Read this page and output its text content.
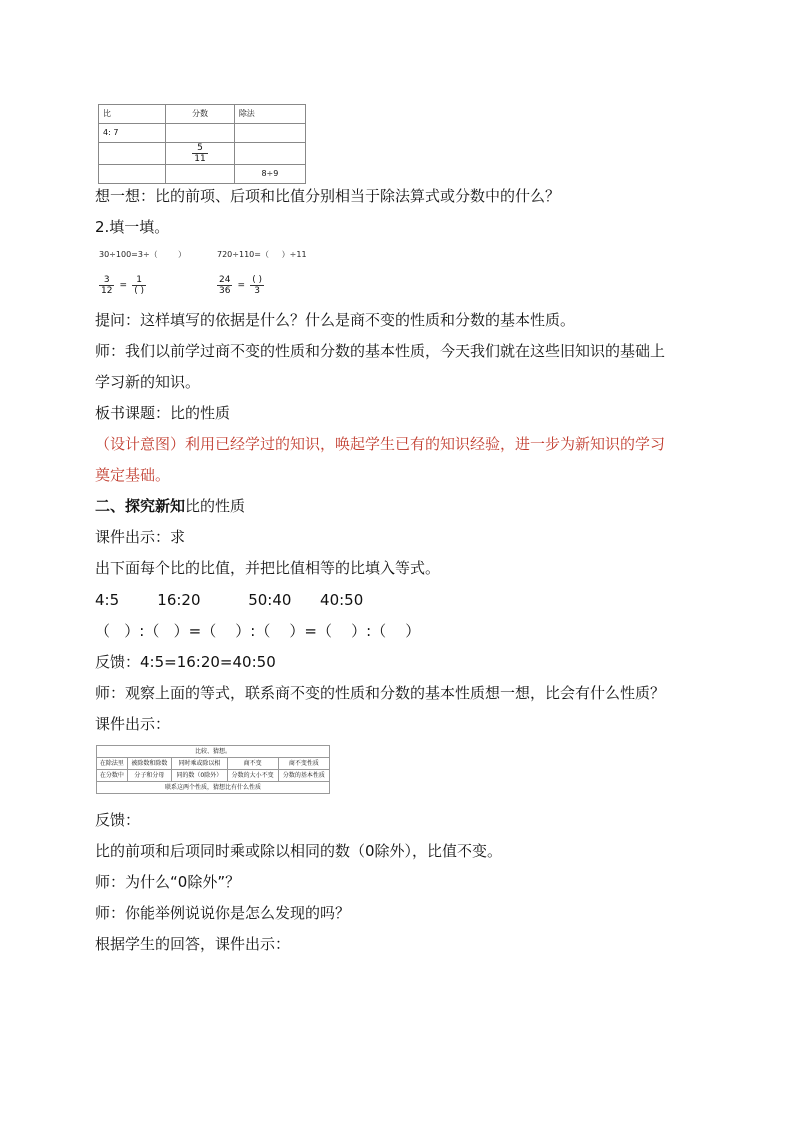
比	分数	除法
4: 7		

	$\frac{5}{11}$

		8÷9
想一想：比的前项、后项和比值分别相当于除法算式或分数中的什么？
2.填一填。
30÷100=3÷（        ）	720÷110=（     ）÷11
$\frac{3}{12} = \frac{1}{( )}$	$\frac{24}{36} = \frac{( )}{3}$
提问：这样填写的依据是什么？什么是商不变的性质和分数的基本性质。
师：我们以前学过商不变的性质和分数的基本性质，今天我们就在这些旧知识的基础上
学习新的知识。
板书课题：比的性质
（设计意图）利用已经学过的知识，唤起学生已有的知识经验，进一步为新知识的学习
奠定基础。
二、探究新知比的性质
课件出示：求
出下面每个比的比值，并把比值相等的比填入等式。
4:5        16:20          50:40      40:50
（   ）:（   ）=（    ）:（    ）=（    ）:（    ）
反馈：4:5=16:20=40:50
师：观察上面的等式，联系商不变的性质和分数的基本性质想一想，比会有什么性质？
课件出示：
比较、猜想。				
在除法里	被除数和除数	同时乘或除以相	商不变	商不变性质
在分数中	分子和分母	同的数（0除外）	分数的大小不变	分数的基本性质
联系这两个性质，猜想比有什么性质				
反馈：
比的前项和后项同时乘或除以相同的数（0除外），比值不变。
师：为什么“0除外”？
师：你能举例说说你是怎么发现的吗？
根据学生的回答，课件出示：
